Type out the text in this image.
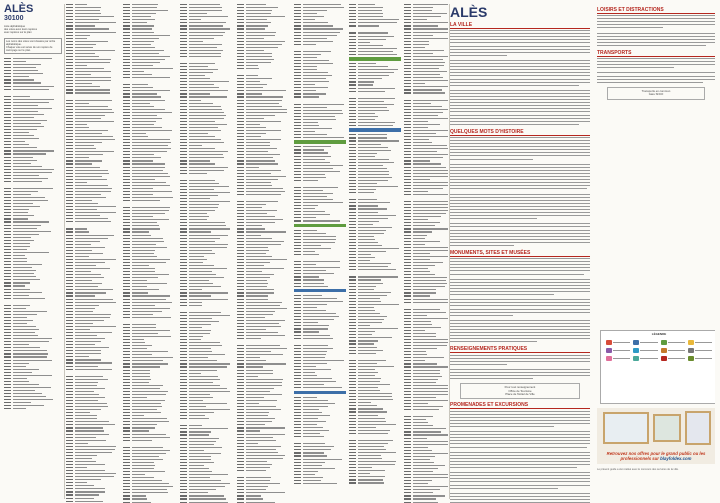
ALÈS
30100
Liste alphabétique
des voies avec leurs repères
avec repères sur le plan
Les noms des voies sont classés par ordre alphabétique.
Chaque voie est suivie de son repère de carroyage sur le plan.
ALÈS
LA VILLE
QUELQUES MOTS D'HISTOIRE
MONUMENTS, SITES ET MUSÉES
RENSEIGNEMENTS PRATIQUES
Pour tout renseignement
Office de Tourisme
Place de l'Hôtel de Ville
PROMENADES ET EXCURSIONS
LOISIRS ET DISTRACTIONS
TRANSPORTS
Transports en commun
Gare SNCF
LÉGENDE
Retrouvez nos offres pour le grand public ou les professionnels sur blayfoldex.com
Le présent guide a été réalisé avec le concours des services de la ville.
